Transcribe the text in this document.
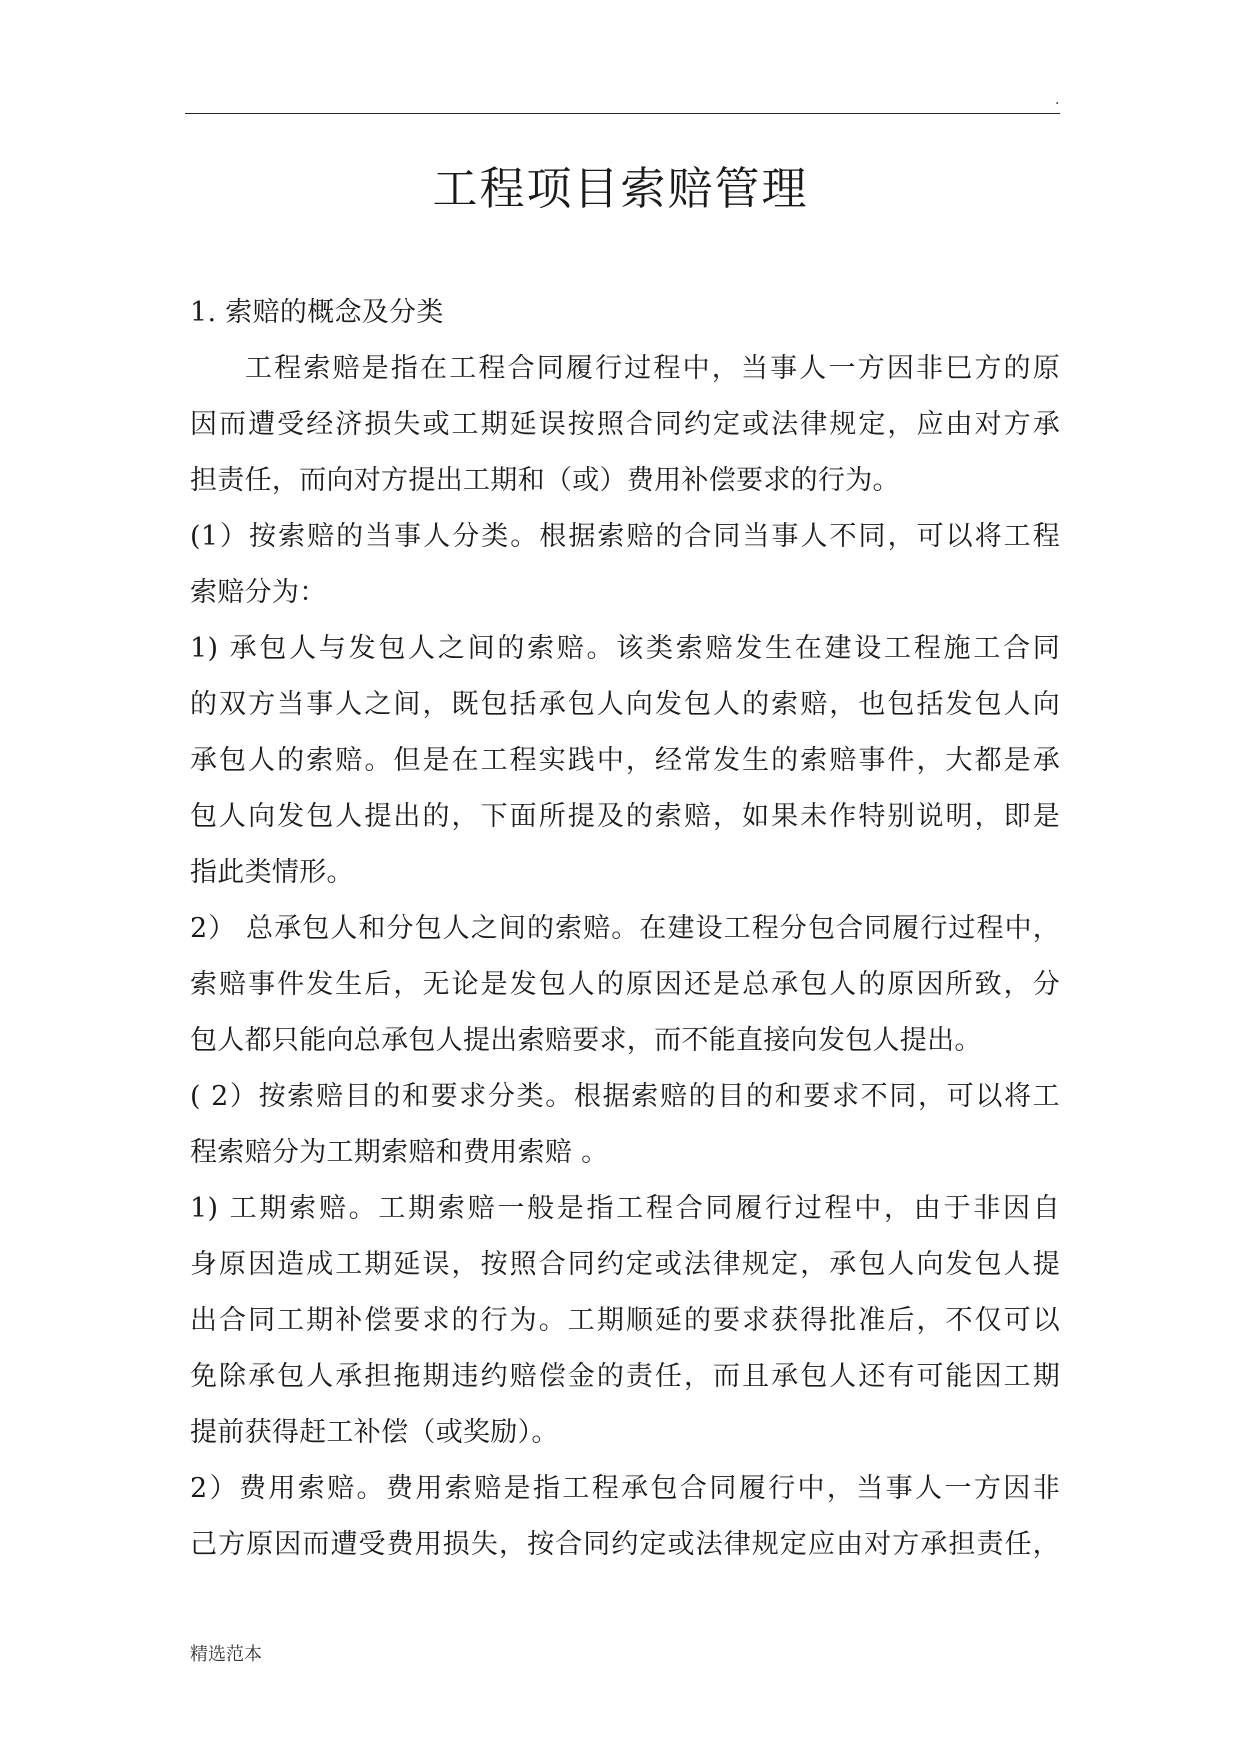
.
工程项目索赔管理
1. 索赔的概念及分类
工程索赔是指在工程合同履行过程中，当事人一方因非巳方的原
因而遭受经济损失或工期延误按照合同约定或法律规定，应由对方承
担责任，而向对方提出工期和（或）费用补偿要求的行为。
(1）按索赔的当事人分类。根据索赔的合同当事人不同，可以将工程
索赔分为：
1) 承包人与发包人之间的索赔。该类索赔发生在建设工程施工合同
的双方当事人之间，既包括承包人向发包人的索赔，也包括发包人向
承包人的索赔。但是在工程实践中，经常发生的索赔事件，大都是承
包人向发包人提出的，下面所提及的索赔，如果未作特别说明，即是
指此类情形。
2） 总承包人和分包人之间的索赔。在建设工程分包合同履行过程中，
索赔事件发生后，无论是发包人的原因还是总承包人的原因所致，分
包人都只能向总承包人提出索赔要求，而不能直接向发包人提出。
( 2）按索赔目的和要求分类。根据索赔的目的和要求不同，可以将工
程索赔分为工期索赔和费用索赔 。
1) 工期索赔。工期索赔一般是指工程合同履行过程中，由于非因自
身原因造成工期延误，按照合同约定或法律规定，承包人向发包人提
出合同工期补偿要求的行为。工期顺延的要求获得批准后，不仅可以
免除承包人承担拖期违约赔偿金的责任，而且承包人还有可能因工期
提前获得赶工补偿（或奖励）。
2）费用索赔。费用索赔是指工程承包合同履行中，当事人一方因非
己方原因而遭受费用损失，按合同约定或法律规定应由对方承担责任，
精选范本
